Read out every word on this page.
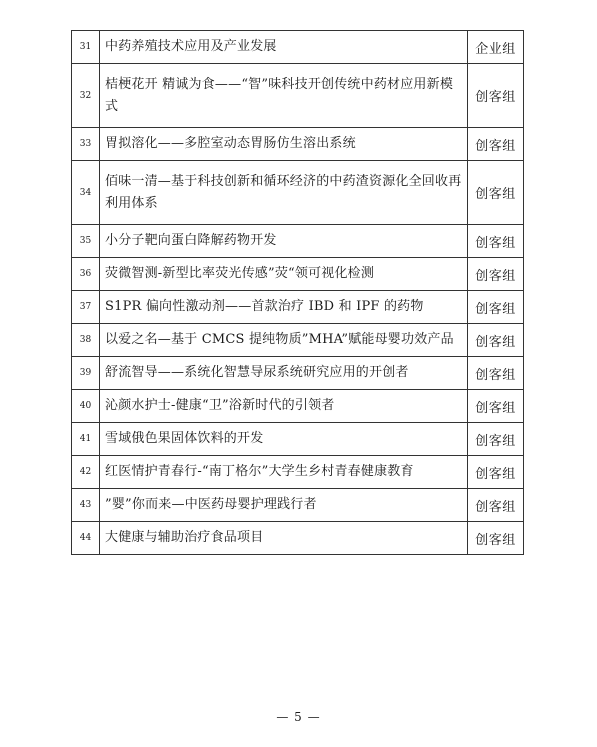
31	中药养殖技术应用及产业发展	企业组
32	桔梗花开 精诚为食——“智”味科技开创传统中药材应用新模式	创客组
33	胃拟溶化——多腔室动态胃肠仿生溶出系统	创客组
34	佰味一清—基于科技创新和循环经济的中药渣资源化全回收再利用体系	创客组
35	小分子靶向蛋白降解药物开发	创客组
36	荧微智测-新型比率荧光传感”荧“领可视化检测	创客组
37	S1PR 偏向性激动剂——首款治疗 IBD 和 IPF 的药物	创客组
38	以爱之名—基于 CMCS 提纯物质”MHA”赋能母婴功效产品	创客组
39	舒流智导——系统化智慧导尿系统研究应用的开创者	创客组
40	沁颜水护士-健康“卫”浴新时代的引领者	创客组
41	雪域俄色果固体饮料的开发	创客组
42	红医情护青春行-“南丁格尔”大学生乡村青春健康教育	创客组
43	”婴”你而来—中医药母婴护理践行者	创客组
44	大健康与辅助治疗食品项目	创客组
— 5 —
